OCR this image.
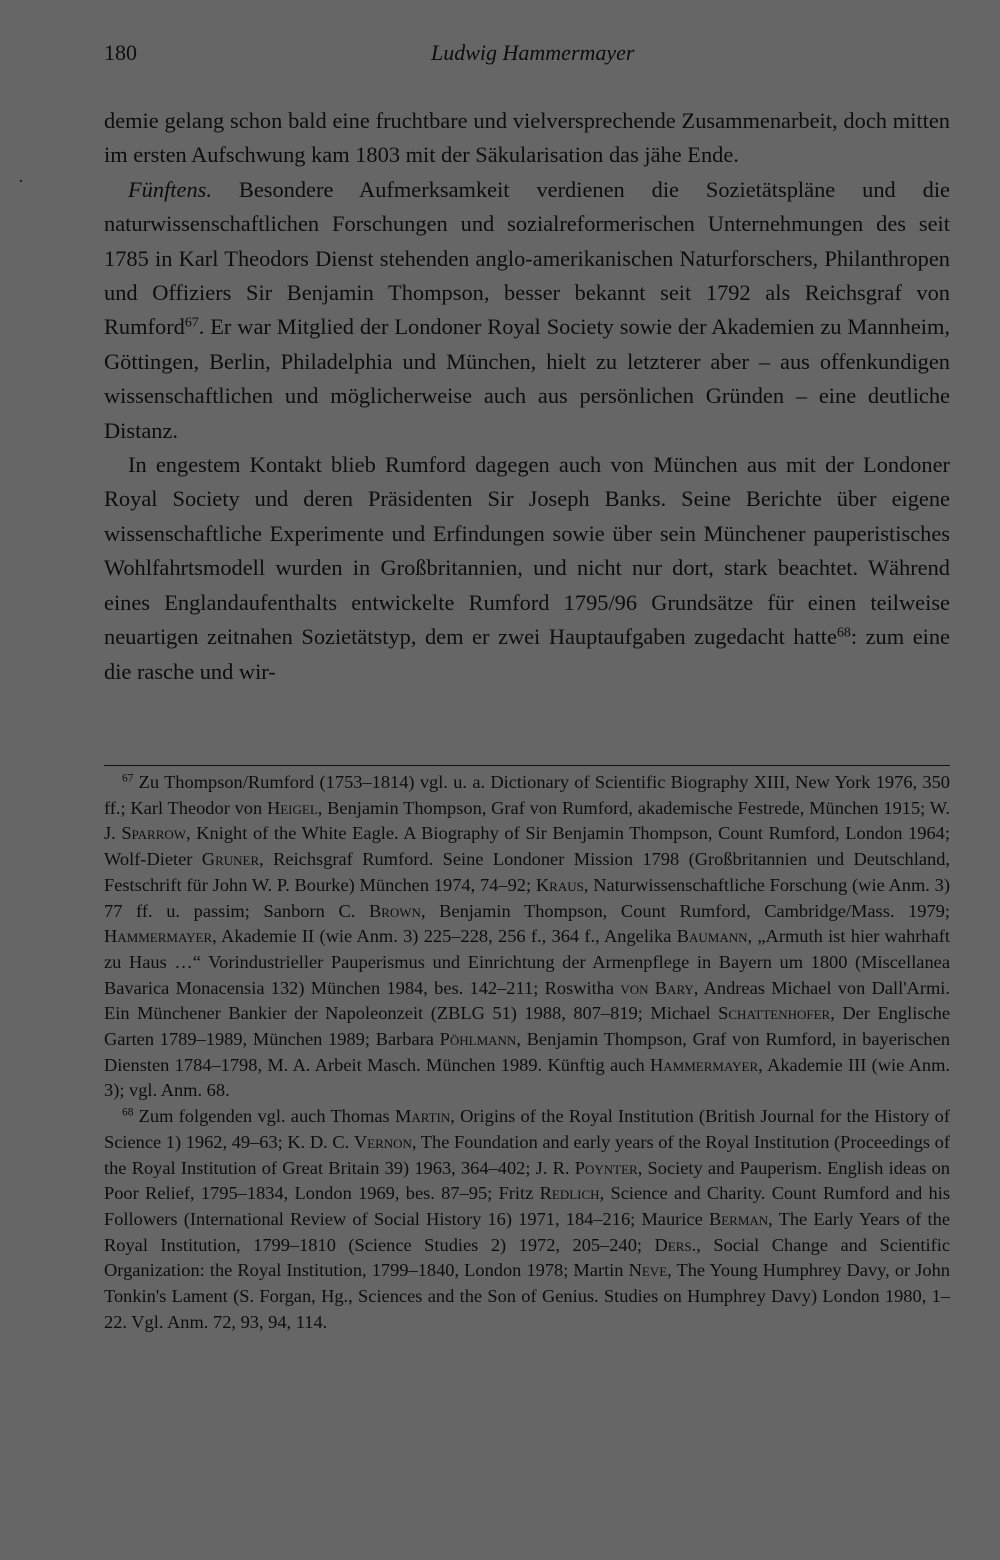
180	Ludwig Hammermayer

demie gelang schon bald eine fruchtbare und vielversprechende Zusammenarbeit, doch mitten im ersten Aufschwung kam 1803 mit der Säkularisation das jähe Ende.

Fünftens. Besondere Aufmerksamkeit verdienen die Sozietätspläne und die naturwissenschaftlichen Forschungen und sozialreformerischen Unternehmungen des seit 1785 in Karl Theodors Dienst stehenden anglo-amerikanischen Naturforschers, Philanthropen und Offiziers Sir Benjamin Thompson, besser bekannt seit 1792 als Reichsgraf von Rumford$^{67}$. Er war Mitglied der Londoner Royal Society sowie der Akademien zu Mannheim, Göttingen, Berlin, Philadelphia und München, hielt zu letzterer aber – aus offenkundigen wissenschaftlichen und möglicherweise auch aus persönlichen Gründen – eine deutliche Distanz.

In engestem Kontakt blieb Rumford dagegen auch von München aus mit der Londoner Royal Society und deren Präsidenten Sir Joseph Banks. Seine Berichte über eigene wissenschaftliche Experimente und Erfindungen sowie über sein Münchener pauperistisches Wohlfahrtsmodell wurden in Großbritannien, und nicht nur dort, stark beachtet. Während eines Englandaufenthalts entwickelte Rumford 1795/96 Grundsätze für einen teilweise neuartigen zeitnahen Sozietätstyp, dem er zwei Hauptaufgaben zugedacht hatte$^{68}$: zum eine die rasche und wir-

$^{67}$ Zu Thompson/Rumford (1753–1814) vgl. u. a. Dictionary of Scientific Biography XIII, New York 1976, 350 ff.; Karl Theodor von Heigel, Benjamin Thompson, Graf von Rumford, akademische Festrede, München 1915; W. J. Sparrow, Knight of the White Eagle. A Biography of Sir Benjamin Thompson, Count Rumford, London 1964; Wolf-Dieter Gruner, Reichsgraf Rumford. Seine Londoner Mission 1798 (Großbritannien und Deutschland, Festschrift für John W. P. Bourke) München 1974, 74–92; Kraus, Naturwissenschaftliche Forschung (wie Anm. 3) 77 ff. u. passim; Sanborn C. Brown, Benjamin Thompson, Count Rumford, Cambridge/Mass. 1979; Hammermayer, Akademie II (wie Anm. 3) 225–228, 256 f., 364 f., Angelika Baumann, „Armuth ist hier wahrhaft zu Haus …“ Vorindustrieller Pauperismus und Einrichtung der Armenpflege in Bayern um 1800 (Miscellanea Bavarica Monacensia 132) München 1984, bes. 142–211; Roswitha von Bary, Andreas Michael von Dall'Armi. Ein Münchener Bankier der Napoleonzeit (ZBLG 51) 1988, 807–819; Michael Schattenhofer, Der Englische Garten 1789–1989, München 1989; Barbara Pöhlmann, Benjamin Thompson, Graf von Rumford, in bayerischen Diensten 1784–1798, M. A. Arbeit Masch. München 1989. Künftig auch Hammermayer, Akademie III (wie Anm. 3); vgl. Anm. 68.

$^{68}$ Zum folgenden vgl. auch Thomas Martin, Origins of the Royal Institution (British Journal for the History of Science 1) 1962, 49–63; K. D. C. Vernon, The Foundation and early years of the Royal Institution (Proceedings of the Royal Institution of Great Britain 39) 1963, 364–402; J. R. Poynter, Society and Pauperism. English ideas on Poor Relief, 1795–1834, London 1969, bes. 87–95; Fritz Redlich, Science and Charity. Count Rumford and his Followers (International Review of Social History 16) 1971, 184–216; Maurice Berman, The Early Years of the Royal Institution, 1799–1810 (Science Studies 2) 1972, 205–240; Ders., Social Change and Scientific Organization: the Royal Institution, 1799–1840, London 1978; Martin Neve, The Young Humphrey Davy, or John Tonkin's Lament (S. Forgan, Hg., Sciences and the Son of Genius. Studies on Humphrey Davy) London 1980, 1–22. Vgl. Anm. 72, 93, 94, 114.
